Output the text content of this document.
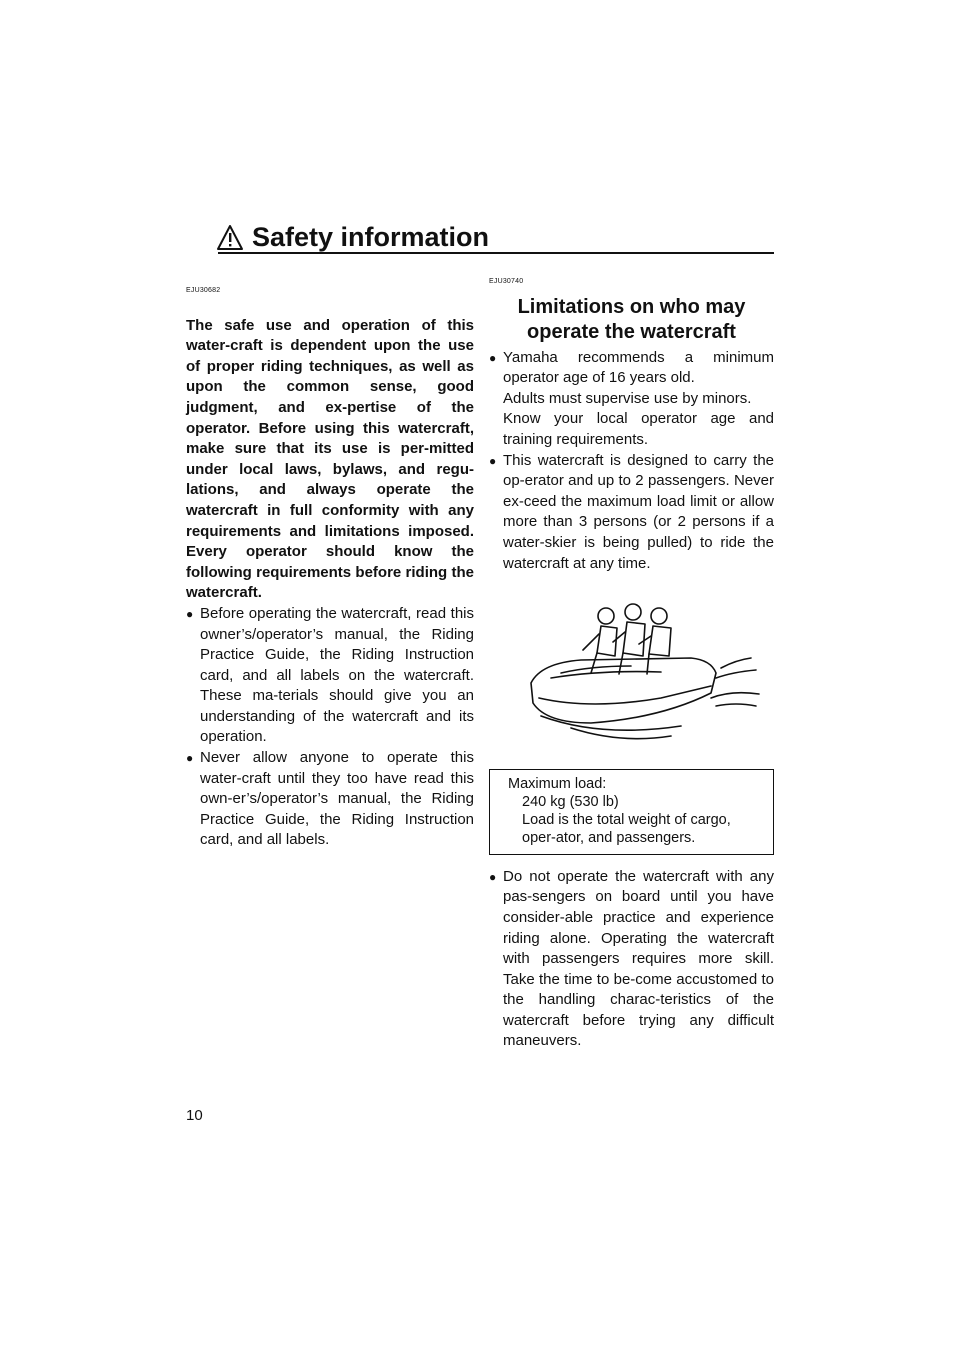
Safety information
EJU30682
The safe use and operation of this water-craft is dependent upon the use of proper riding techniques, as well as upon the common sense, good judgment, and ex-pertise of the operator. Before using this watercraft, make sure that its use is per-mitted under local laws, bylaws, and regu-lations, and always operate the watercraft in full conformity with any requirements and limitations imposed. Every operator should know the following requirements before riding the watercraft.
● Before operating the watercraft, read this owner’s/operator’s manual, the Riding Practice Guide, the Riding Instruction card, and all labels on the watercraft. These ma-terials should give you an understanding of the watercraft and its operation.
● Never allow anyone to operate this water-craft until they too have read this own-er’s/operator’s manual, the Riding Practice Guide, the Riding Instruction card, and all labels.
EJU30740
Limitations on who may
operate the watercraft
● Yamaha recommends a minimum operator age of 16 years old.
Adults must supervise use by minors.
Know your local operator age and training requirements.
● This watercraft is designed to carry the op-erator and up to 2 passengers. Never ex-ceed the maximum load limit or allow more than 3 persons (or 2 persons if a water-skier is being pulled) to ride the watercraft at any time.
Maximum load:
240 kg (530 lb)
Load is the total weight of cargo, oper-ator, and passengers.
● Do not operate the watercraft with any pas-sengers on board until you have consider-able practice and experience riding alone. Operating the watercraft with passengers requires more skill. Take the time to be-come accustomed to the handling charac-teristics of the watercraft before trying any difficult maneuvers.
10
